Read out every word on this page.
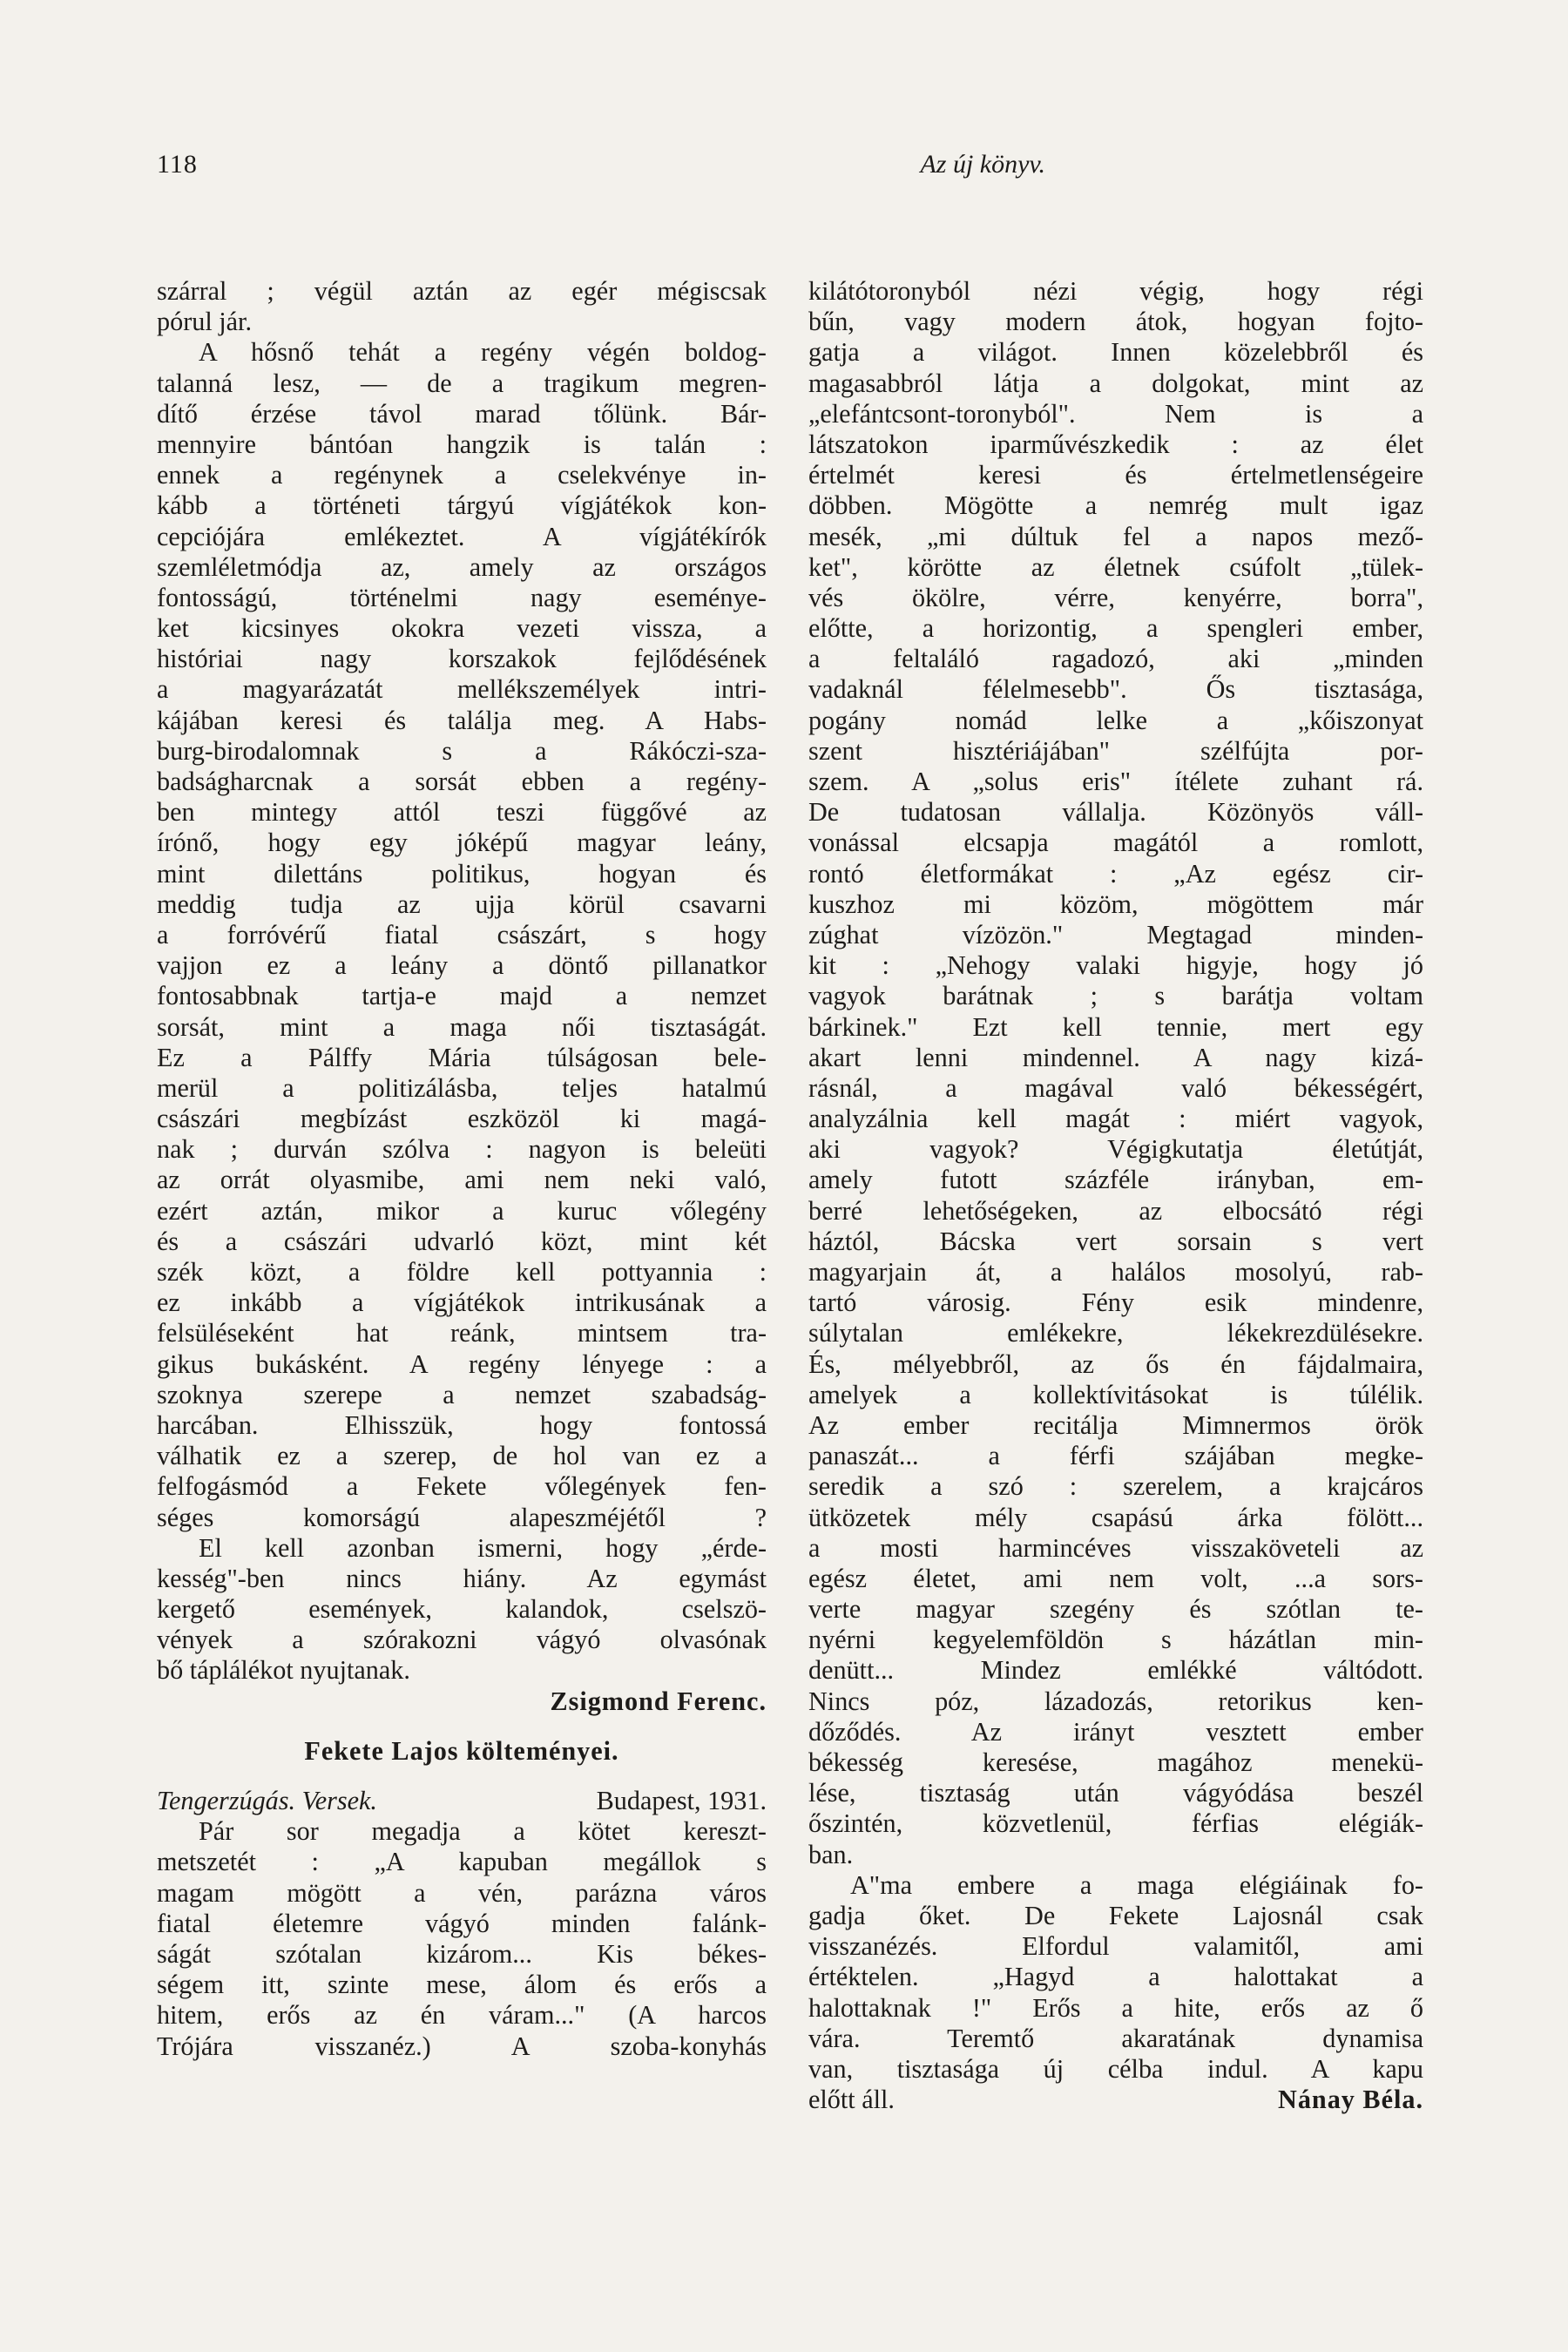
118	Az új könyv.
szárral ; végül aztán az egér mégiscsak
pórul jár.
A hősnő tehát a regény végén boldog-
talanná lesz, — de a tragikum megren-
dítő érzése távol marad tőlünk. Bár-
mennyire bántóan hangzik is talán :
ennek a regénynek a cselekvénye in-
kább a történeti tárgyú vígjátékok kon-
cepciójára emlékeztet. A vígjátékírók
szemléletmódja az, amely az országos
fontosságú, történelmi nagy eseménye-
ket kicsinyes okokra vezeti vissza, a
históriai nagy korszakok fejlődésének
a magyarázatát mellékszemélyek intri-
kájában keresi és találja meg. A Habs-
burg-birodalomnak s a Rákóczi-sza-
badságharcnak a sorsát ebben a regény-
ben mintegy attól teszi függővé az
írónő, hogy egy jóképű magyar leány,
mint dilettáns politikus, hogyan és
meddig tudja az ujja körül csavarni
a forróvérű fiatal császárt, s hogy
vajjon ez a leány a döntő pillanatkor
fontosabbnak tartja-e majd a nemzet
sorsát, mint a maga női tisztaságát.
Ez a Pálffy Mária túlságosan bele-
merül a politizálásba, teljes hatalmú
császári megbízást eszközöl ki magá-
nak ; durván szólva : nagyon is beleüti
az orrát olyasmibe, ami nem neki való,
ezért aztán, mikor a kuruc vőlegény
és a császári udvarló közt, mint két
szék közt, a földre kell pottyannia :
ez inkább a vígjátékok intrikusának a
felsüléseként hat reánk, mintsem tra-
gikus bukásként. A regény lényege : a
szoknya szerepe a nemzet szabadság-
harcában. Elhisszük, hogy fontossá
válhatik ez a szerep, de hol van ez a
felfogásmód a Fekete vőlegények fen-
séges komorságú alapeszméjétől ?
El kell azonban ismerni, hogy „érde-
kesség"-ben nincs hiány. Az egymást
kergető események, kalandok, cselszö-
vények a szórakozni vágyó olvasónak
bő táplálékot nyujtanak.
Zsigmond Ferenc.
Fekete Lajos költeményei.
Tengerzúgás. Versek.	Budapest, 1931.
Pár sor megadja a kötet kereszt-
metszetét : „A kapuban megállok s
magam mögött a vén, parázna város
fiatal életemre vágyó minden falánk-
ságát szótalan kizárom... Kis békes-
ségem itt, szinte mese, álom és erős a
hitem, erős az én váram..." (A harcos
Trójára visszanéz.) A szoba-konyhás
kilátótoronyból nézi végig, hogy régi
bűn, vagy modern átok, hogyan fojto-
gatja a világot. Innen közelebbről és
magasabbról látja a dolgokat, mint az
„elefántcsont-toronyból". Nem is a
látszatokon iparművészkedik : az élet
értelmét keresi és értelmetlenségeire
döbben. Mögötte a nemrég mult igaz
mesék, „mi dúltuk fel a napos mező-
ket", körötte az életnek csúfolt „tülek-
vés ökölre, vérre, kenyérre, borra",
előtte, a horizontig, a spengleri ember,
a feltaláló ragadozó, aki „minden
vadaknál félelmesebb". Ős tisztasága,
pogány nomád lelke a „kőiszonyat
szent hisztériájában" szélfújta por-
szem. A „solus eris" ítélete zuhant rá.
De tudatosan vállalja. Közönyös váll-
vonással elcsapja magától a romlott,
rontó életformákat : „Az egész cir-
kuszhoz mi közöm, mögöttem már
zúghat vízözön." Megtagad minden-
kit : „Nehogy valaki higyje, hogy jó
vagyok barátnak ; s barátja voltam
bárkinek." Ezt kell tennie, mert egy
akart lenni mindennel. A nagy kizá-
rásnál, a magával való békességért,
analyzálnia kell magát : miért vagyok,
aki vagyok? Végigkutatja életútját,
amely futott százféle irányban, em-
berré lehetőségeken, az elbocsátó régi
háztól, Bácska vert sorsain s vert
magyarjain át, a halálos mosolyú, rab-
tartó városig. Fény esik mindenre,
súlytalan emlékekre, lékekrezdülésekre.
És, mélyebbről, az ős én fájdalmaira,
amelyek a kollektívitásokat is túlélik.
Az ember recitálja Mimnermos örök
panaszát... a férfi szájában megke-
seredik a szó : szerelem, a krajcáros
ütközetek mély csapású árka fölött...
a mosti harmincéves visszaköveteli az
egész életet, ami nem volt, ...a sors-
verte magyar szegény és szótlan te-
nyérni kegyelemföldön s házátlan min-
denütt... Mindez emlékké váltódott.
Nincs póz, lázadozás, retorikus ken-
dőződés. Az irányt vesztett ember
békesség keresése, magához menekü-
lése, tisztaság után vágyódása beszél
őszintén, közvetlenül, férfias elégiák-
ban.
A"ma embere a maga elégiáinak fo-
gadja őket. De Fekete Lajosnál csak
visszanézés. Elfordul valamitől, ami
értéktelen. „Hagyd a halottakat a
halottaknak !" Erős a hite, erős az ő
vára. Teremtő akaratának dynamisa
van, tisztasága új célba indul. A kapu
előtt áll.	Nánay Béla.
